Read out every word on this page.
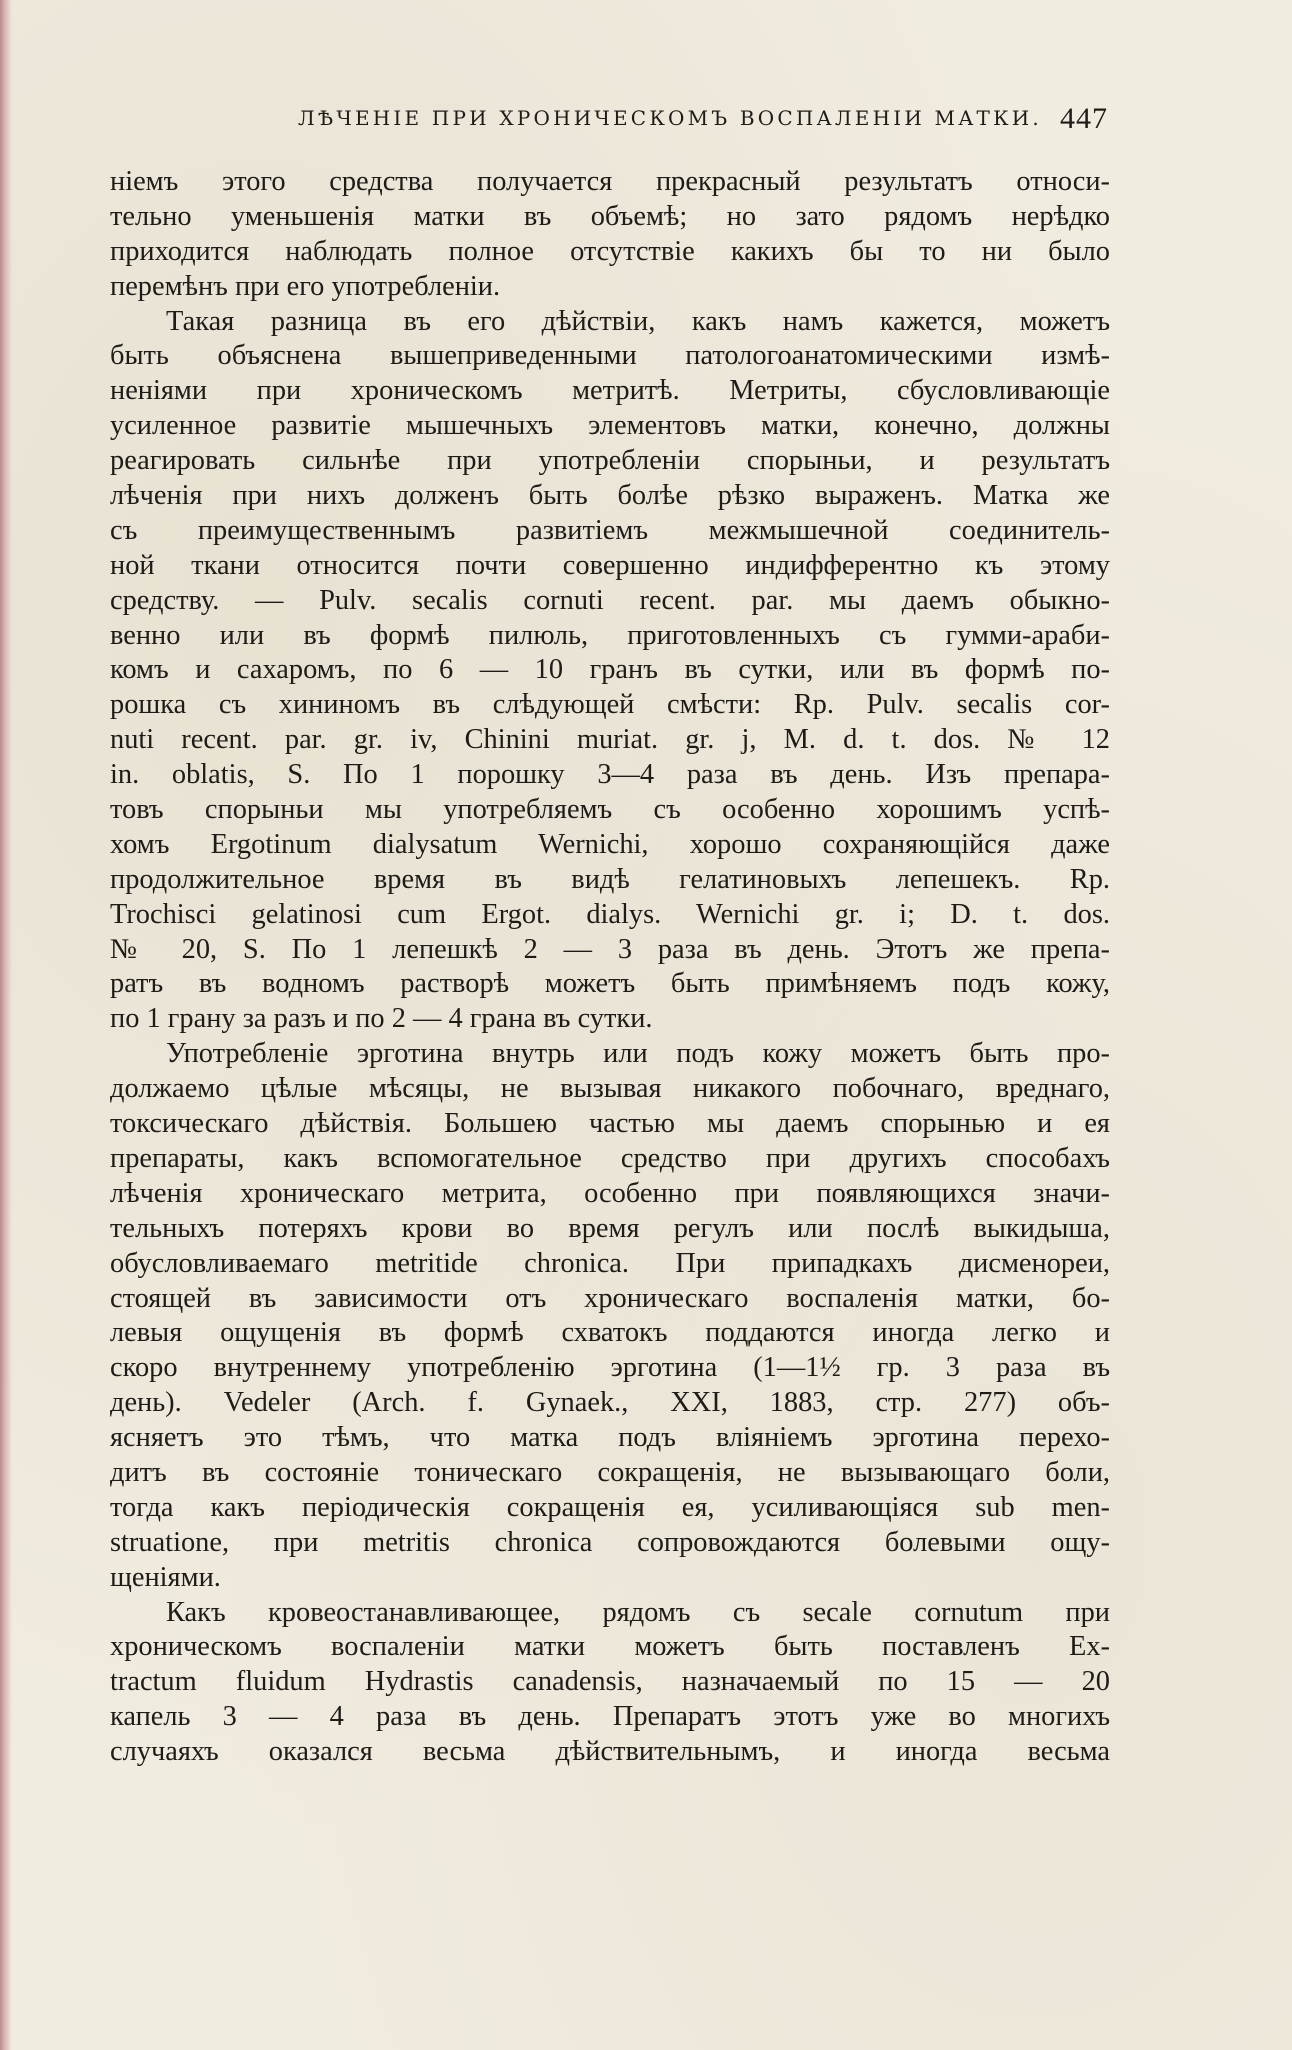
ЛѢЧЕНІЕ ПРИ ХРОНИЧЕСКОМЪ ВОСПАЛЕНІИ МАТКИ. 447
ніемъ этого средства получается прекрасный результатъ относи-
тельно уменьшенія матки въ объемѣ; но зато рядомъ нерѣдко
приходится наблюдать полное отсутствіе какихъ бы то ни было
перемѣнъ при его употребленіи.
Такая разница въ его дѣйствіи, какъ намъ кажется, можетъ
быть объяснена вышеприведенными патологоанатомическими измѣ-
неніями при хроническомъ метритѣ. Метриты, сбусловливающіе
усиленное развитіе мышечныхъ элементовъ матки, конечно, должны
реагировать сильнѣе при употребленіи спорыньи, и результатъ
лѣченія при нихъ долженъ быть болѣе рѣзко выраженъ. Матка же
съ преимущественнымъ развитіемъ межмышечной соединитель-
ной ткани относится почти совершенно индифферентно къ этому
средству. — Pulv. secalis cornuti recent. par. мы даемъ обыкно-
венно или въ формѣ пилюль, приготовленныхъ съ гумми-араби-
комъ и сахаромъ, по 6 — 10 гранъ въ сутки, или въ формѣ по-
рошка съ хининомъ въ слѣдующей смѣсти: Rp. Pulv. secalis cor-
nuti recent. par. gr. iv, Chinini muriat. gr. j, M. d. t. dos. № 12
in. oblatis, S. По 1 порошку 3—4 раза въ день. Изъ препара-
товъ спорыньи мы употребляемъ съ особенно хорошимъ успѣ-
хомъ Ergotinum dialysatum Wernichi, хорошо сохраняющійся даже
продолжительное время въ видѣ гелатиновыхъ лепешекъ. Rp.
Trochisci gelatinosi cum Ergot. dialys. Wernichi gr. i; D. t. dos.
№ 20, S. По 1 лепешкѣ 2 — 3 раза въ день. Этотъ же препа-
ратъ въ водномъ растворѣ можетъ быть примѣняемъ подъ кожу,
по 1 грану за разъ и по 2 — 4 грана въ сутки.
Употребленіе эрготина внутрь или подъ кожу можетъ быть про-
должаемо цѣлые мѣсяцы, не вызывая никакого побочнаго, вреднаго,
токсическаго дѣйствія. Большею частью мы даемъ спорынью и ея
препараты, какъ вспомогательное средство при другихъ способахъ
лѣченія хроническаго метрита, особенно при появляющихся значи-
тельныхъ потеряхъ крови во время регулъ или послѣ выкидыша,
обусловливаемаго metritide chronica. При припадкахъ дисменореи,
стоящей въ зависимости отъ хроническаго воспаленія матки, бо-
левыя ощущенія въ формѣ схватокъ поддаются иногда легко и
скоро внутреннему употребленію эрготина (1—1½ гр. 3 раза въ
день). Vedeler (Arch. f. Gynaek., XXI, 1883, стр. 277) объ-
ясняетъ это тѣмъ, что матка подъ вліяніемъ эрготина перехо-
дитъ въ состояніе тоническаго сокращенія, не вызывающаго боли,
тогда какъ періодическія сокращенія ея, усиливающіяся sub men-
struatione, при metritis chronica сопровождаются болевыми ощу-
щеніями.
Какъ кровеостанавливающее, рядомъ съ secale cornutum при
хроническомъ воспаленіи матки можетъ быть поставленъ Ex-
tractum fluidum Hydrastis canadensis, назначаемый по 15 — 20
капель 3 — 4 раза въ день. Препаратъ этотъ уже во многихъ
случаяхъ оказался весьма дѣйствительнымъ, и иногда весьма
